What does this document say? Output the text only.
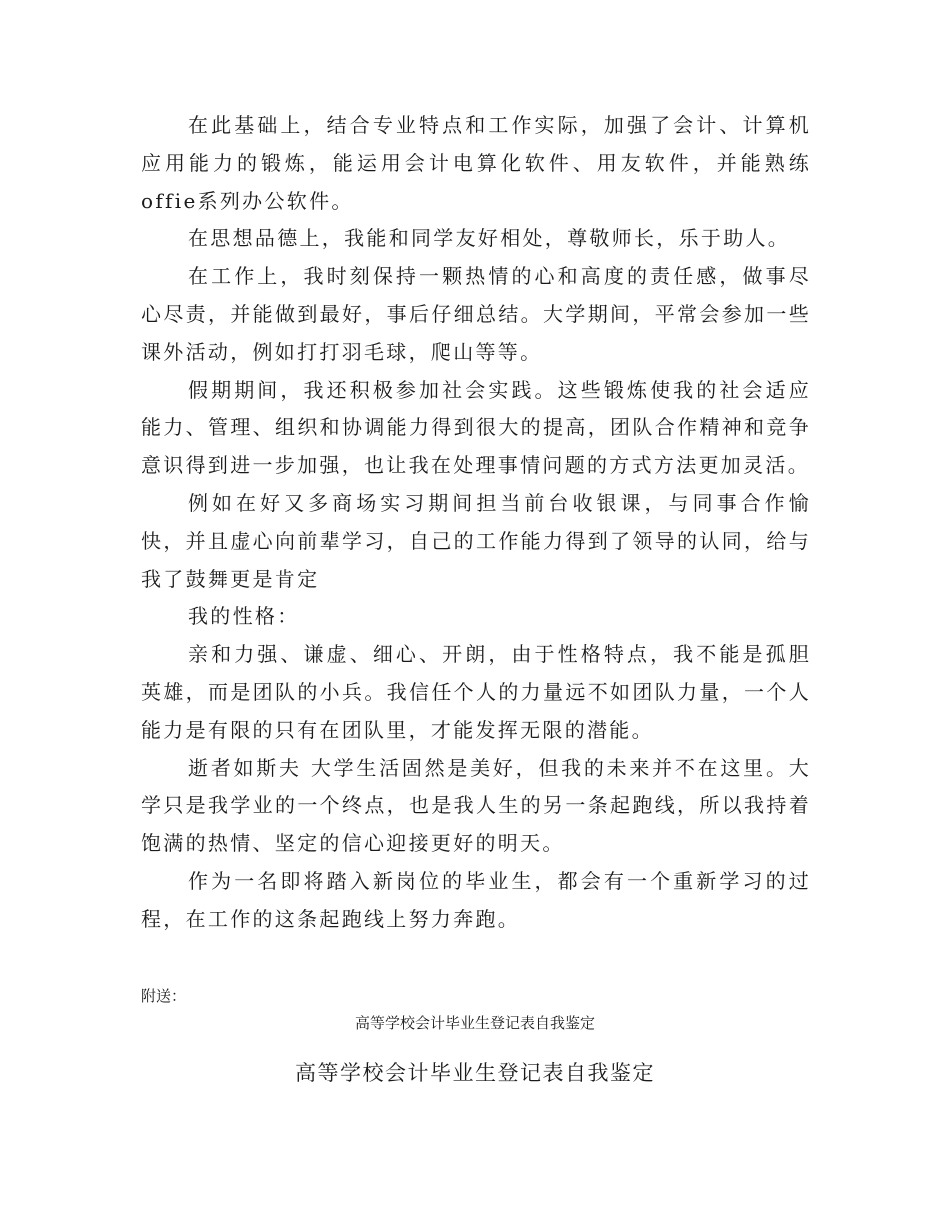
在此基础上，结合专业特点和工作实际，加强了会计、计算机应用能力的锻炼，能运用会计电算化软件、用友软件，并能熟练offie系列办公软件。

在思想品德上，我能和同学友好相处，尊敬师长，乐于助人。

在工作上，我时刻保持一颗热情的心和高度的责任感，做事尽心尽责，并能做到最好，事后仔细总结。大学期间，平常会参加一些课外活动，例如打打羽毛球，爬山等等。

假期期间，我还积极参加社会实践。这些锻炼使我的社会适应能力、管理、组织和协调能力得到很大的提高，团队合作精神和竞争意识得到进一步加强，也让我在处理事情问题的方式方法更加灵活。

例如在好又多商场实习期间担当前台收银课，与同事合作愉快，并且虚心向前辈学习，自己的工作能力得到了领导的认同，给与我了鼓舞更是肯定

我的性格：

亲和力强、谦虚、细心、开朗，由于性格特点，我不能是孤胆英雄，而是团队的小兵。我信任个人的力量远不如团队力量，一个人能力是有限的只有在团队里，才能发挥无限的潜能。

逝者如斯夫 大学生活固然是美好，但我的未来并不在这里。大学只是我学业的一个终点，也是我人生的另一条起跑线，所以我持着饱满的热情、坚定的信心迎接更好的明天。

作为一名即将踏入新岗位的毕业生，都会有一个重新学习的过程，在工作的这条起跑线上努力奔跑。

附送：
高等学校会计毕业生登记表自我鉴定
高等学校会计毕业生登记表自我鉴定
